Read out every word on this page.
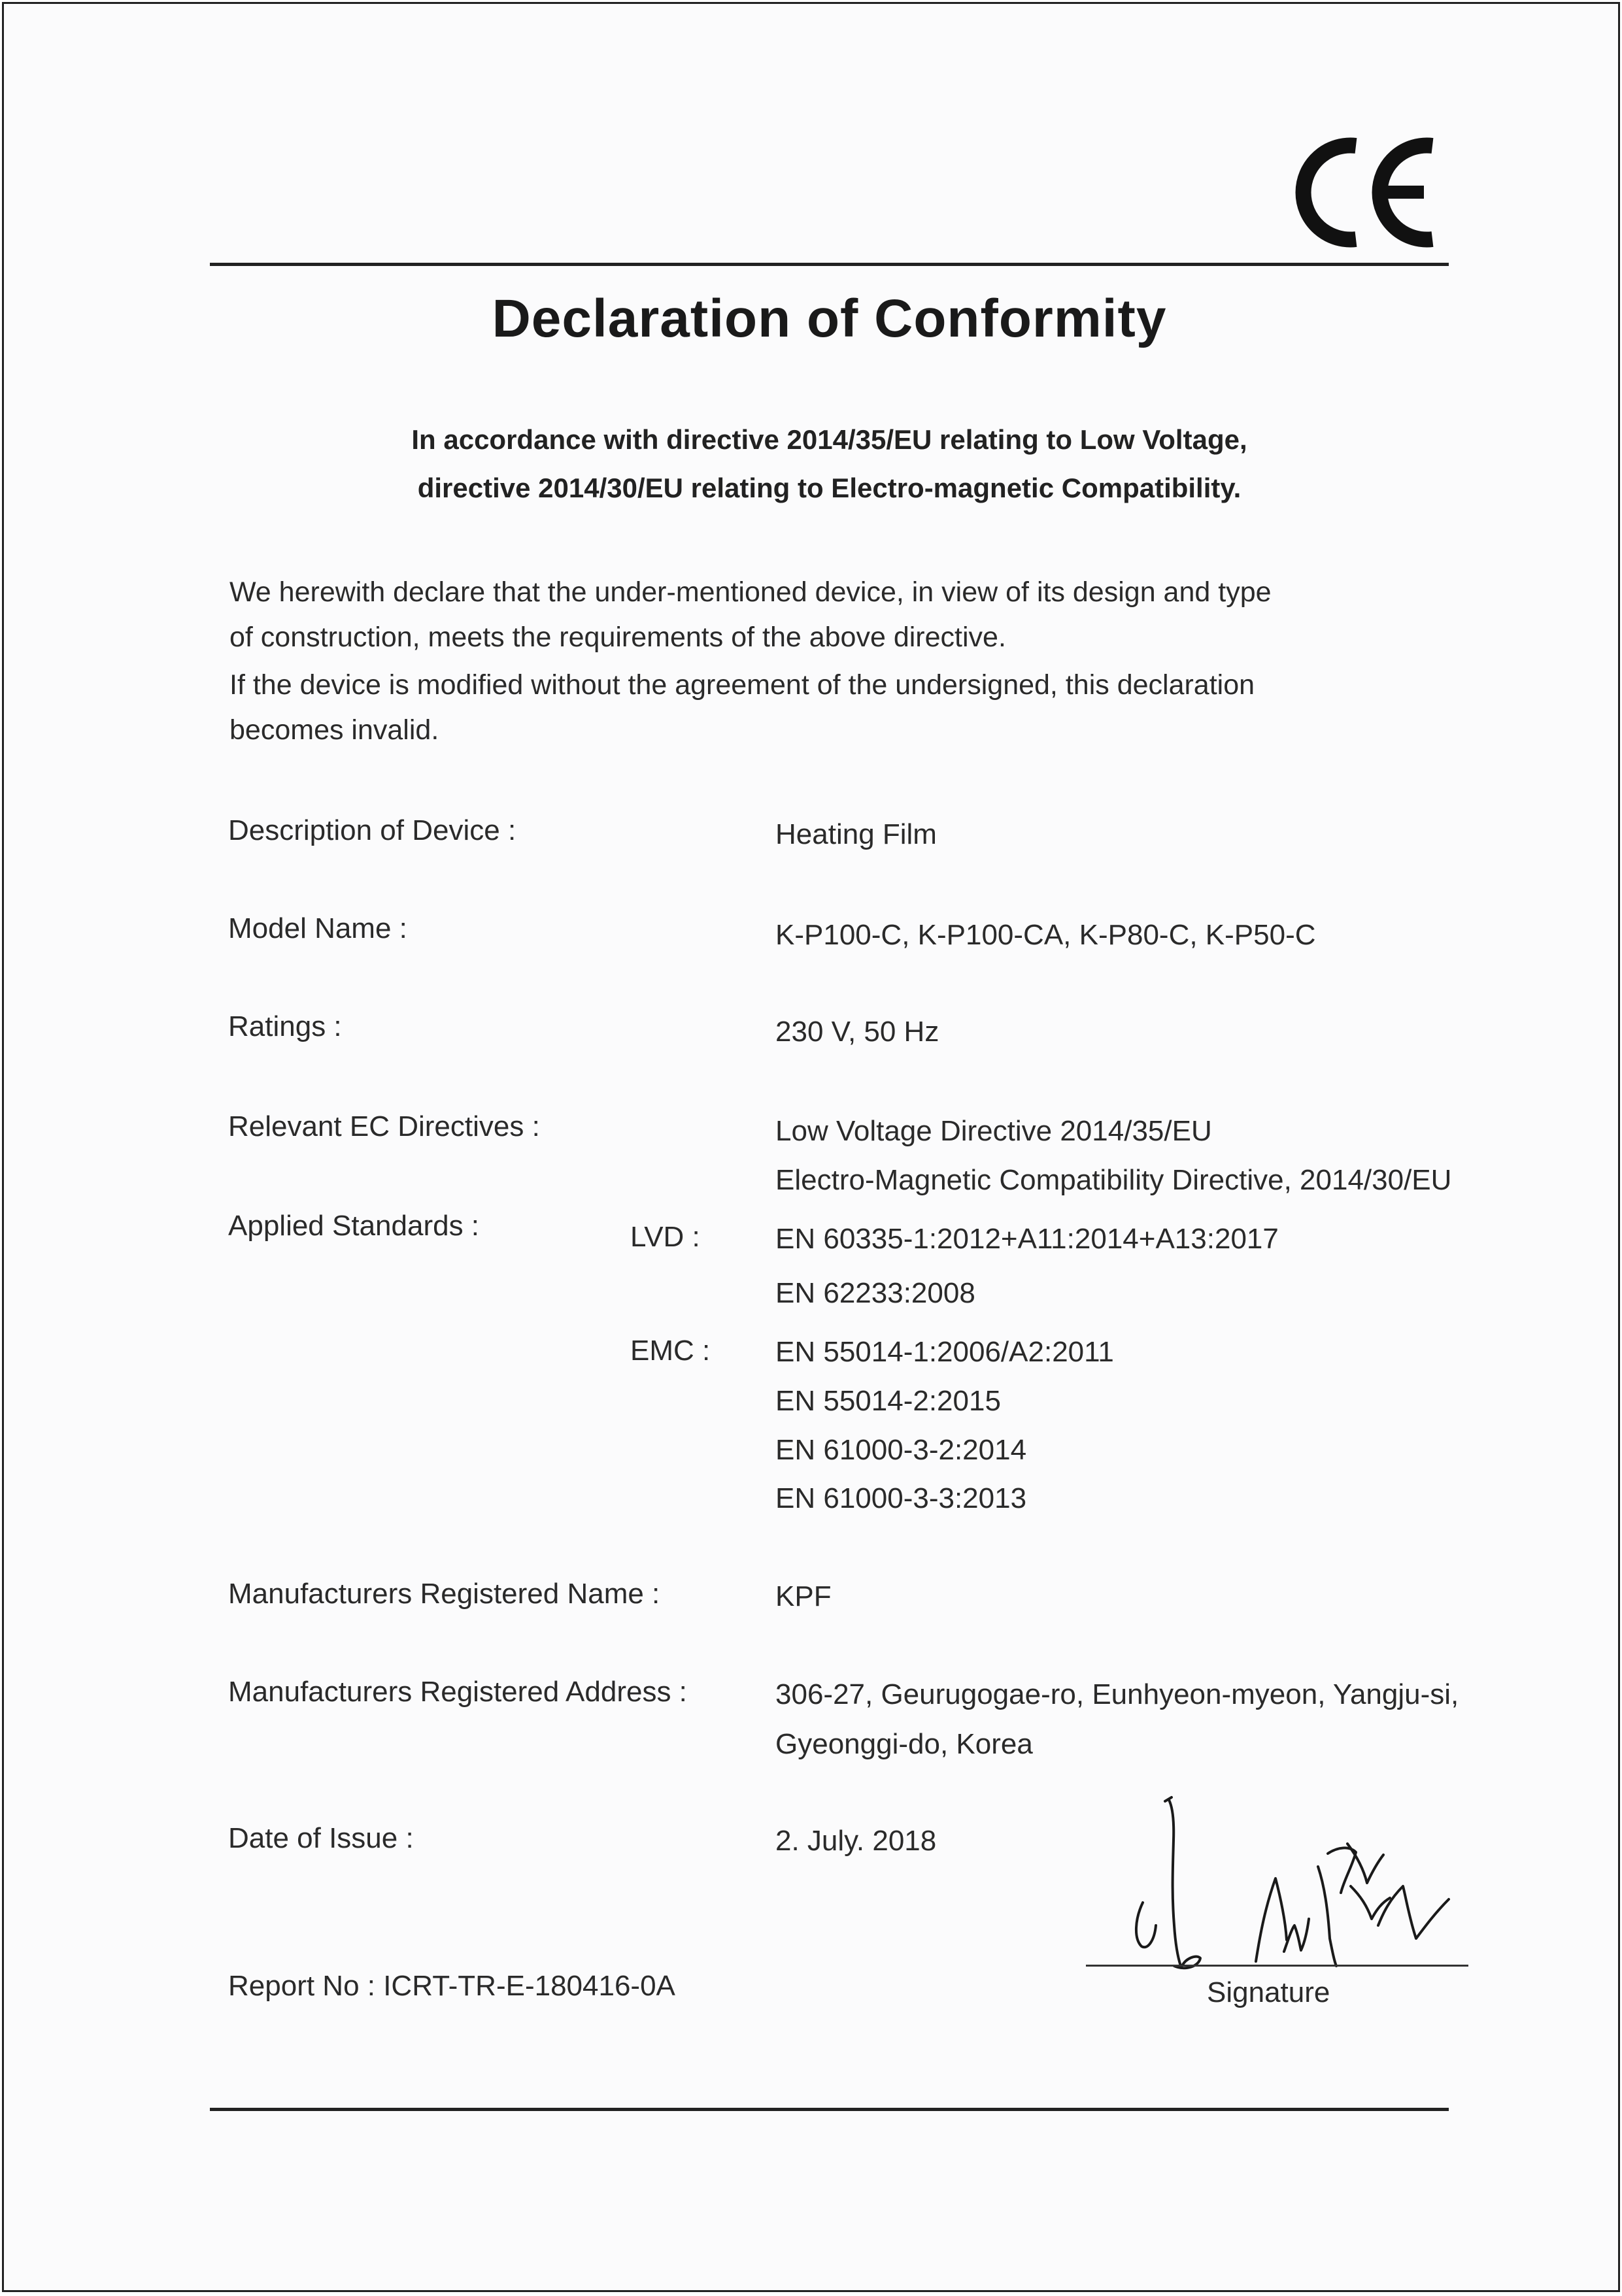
Declaration of Conformity
In accordance with directive 2014/35/EU relating to Low Voltage,
directive 2014/30/EU relating to Electro-magnetic Compatibility.
We herewith declare that the under-mentioned device, in view of its design and type
of construction, meets the requirements of the above directive.
If the device is modified without the agreement of the undersigned, this declaration
becomes invalid.
Description of Device :	Heating Film
Model Name :	K-P100-C, K-P100-CA, K-P80-C, K-P50-C
Ratings :	230 V, 50 Hz
Relevant EC Directives :	Low Voltage Directive 2014/35/EU
Electro-Magnetic Compatibility Directive, 2014/30/EU
Applied Standards :	LVD :	EN 60335-1:2012+A11:2014+A13:2017
EN 62233:2008
EMC : EN 55014-1:2006/A2:2011
EN 55014-2:2015
EN 61000-3-2:2014
EN 61000-3-3:2013
Manufacturers Registered Name :	KPF
Manufacturers Registered Address :	306-27, Geurugogae-ro, Eunhyeon-myeon, Yangju-si,
Gyeonggi-do, Korea
Date of Issue :	2. July. 2018
Report No : ICRT-TR-E-180416-0A	Signature
